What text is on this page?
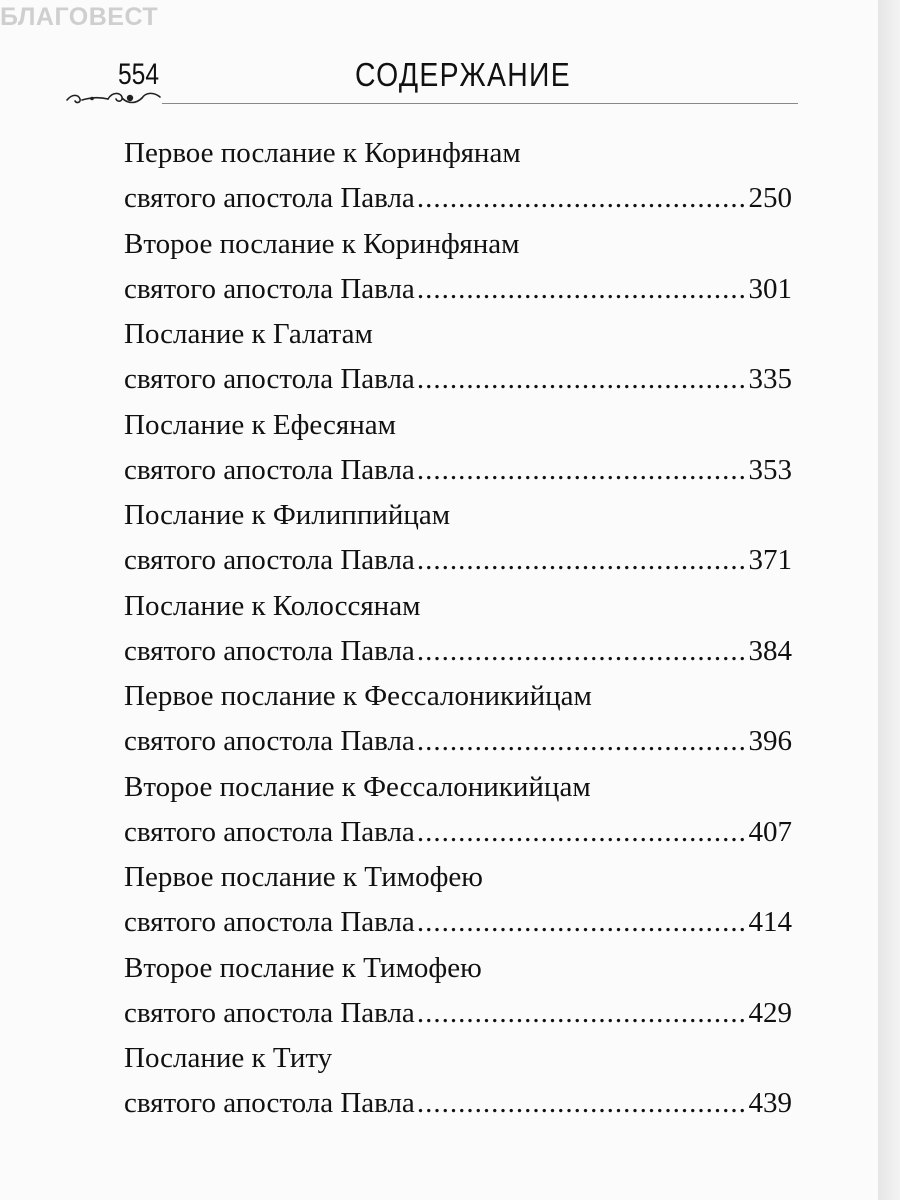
БЛАГОВЕСТ
554	СОДЕРЖАНИЕ
Первое послание к Коринфянам
святого апостола Павла .....	250
Второе послание к Коринфянам
святого апостола Павла .....	301
Послание к Галатам
святого апостола Павла .....	335
Послание к Ефесянам
святого апостола Павла .....	353
Послание к Филиппийцам
святого апостола Павла .....	371
Послание к Колоссянам
святого апостола Павла .....	384
Первое послание к Фессалоникийцам
святого апостола Павла .....	396
Второе послание к Фессалоникийцам
святого апостола Павла .....	407
Первое послание к Тимофею
святого апостола Павла .....	414
Второе послание к Тимофею
святого апостола Павла .....	429
Послание к Титу
святого апостола Павла .....	439
